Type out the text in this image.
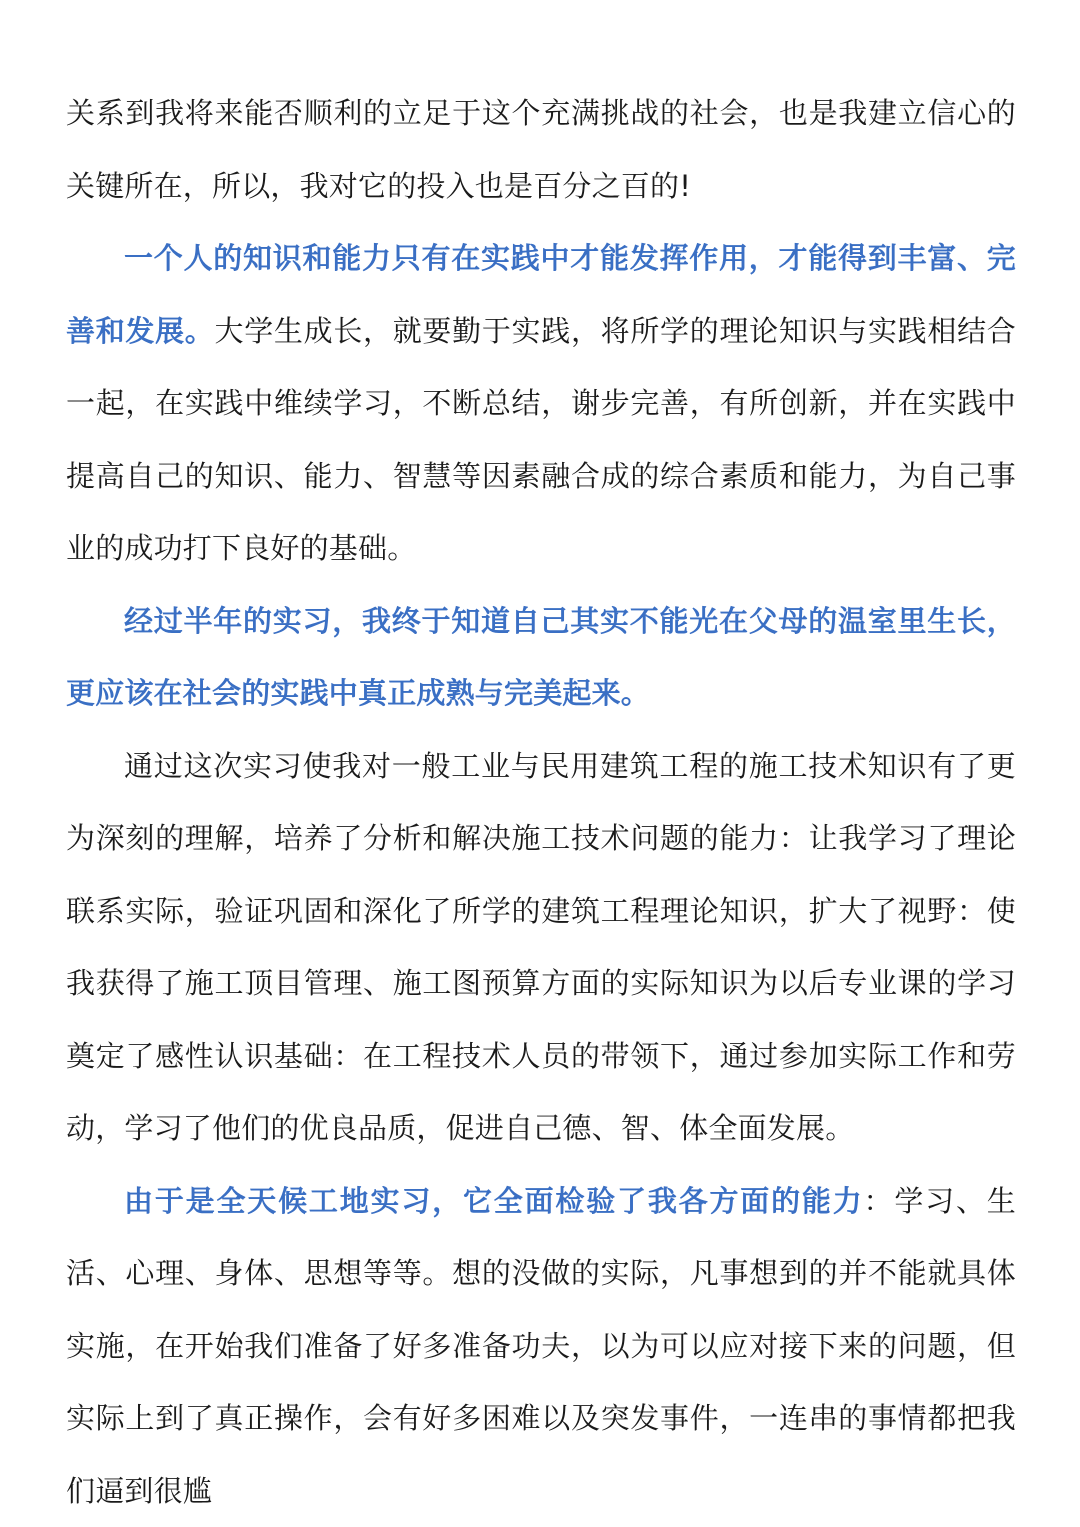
关系到我将来能否顺利的立足于这个充满挑战的社会，也是我建立信心的关键所在，所以，我对它的投入也是百分之百的!

一个人的知识和能力只有在实践中才能发挥作用，才能得到丰富、完善和发展。大学生成长，就要勤于实践，将所学的理论知识与实践相结合一起，在实践中维续学习，不断总结，谢步完善，有所创新，并在实践中提高自己的知识、能力、智慧等因素融合成的综合素质和能力，为自己事业的成功打下良好的基础。

经过半年的实习，我终于知道自己其实不能光在父母的温室里生长，更应该在社会的实践中真正成熟与完美起来。

通过这次实习使我对一般工业与民用建筑工程的施工技术知识有了更为深刻的理解，培养了分析和解决施工技术问题的能力：让我学习了理论联系实际，验证巩固和深化了所学的建筑工程理论知识，扩大了视野：使我获得了施工顶目管理、施工图预算方面的实际知识为以后专业课的学习奠定了感性认识基础：在工程技术人员的带领下，通过参加实际工作和劳动，学习了他们的优良品质，促进自己德、智、体全面发展。

由于是全天候工地实习，它全面检验了我各方面的能力：学习、生活、心理、身体、思想等等。想的没做的实际，凡事想到的并不能就具体实施，在开始我们准备了好多准备功夫，以为可以应对接下来的问题，但实际上到了真正操作，会有好多困难以及突发事件，一连串的事情都把我们逼到很尴
